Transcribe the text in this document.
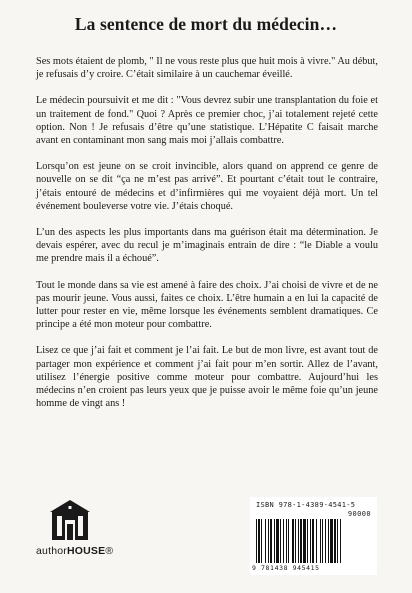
La sentence de mort du médecin…

Ses mots étaient de plomb, " Il ne vous reste plus que huit mois à vivre." Au début, je refusais d’y croire. C’était similaire à un cauchemar éveillé.

Le médecin poursuivit et me dit : "Vous devrez subir une transplantation du foie et un traitement de fond." Quoi ? Après ce premier choc, j’ai totalement rejeté cette option. Non ! Je refusais d’être qu’une statistique. L’Hépatite C faisait marche avant en contaminant mon sang mais moi j’allais combattre.

Lorsqu’on est jeune on se croit invincible, alors quand on apprend ce genre de nouvelle on se dit “ça ne m’est pas arrivé”. Et pourtant c’était tout le contraire, j’étais entouré de médecins et d’infirmières qui me voyaient déjà mort. Un tel événement bouleverse votre vie. J’étais choqué.

L’un des aspects les plus importants dans ma guérison était ma détermination. Je devais espérer, avec du recul je m’imaginais entrain de dire : “le Diable a voulu me prendre mais il a échoué”.

Tout le monde dans sa vie est amené à faire des choix. J’ai choisi de vivre et de ne pas mourir jeune. Vous aussi, faites ce choix. L’être humain a en lui la capacité de lutter pour rester en vie, même lorsque les événements semblent dramatiques. Ce principe a été mon moteur pour combattre.

Lisez ce que j’ai fait et comment je l’ai fait. Le but de mon livre, est avant tout de partager mon expérience et comment j’ai fait pour m’en sortir. Allez de l’avant, utilisez l’énergie positive comme moteur pour combattre. Aujourd’hui les médecins n’en croient pas leurs yeux que je puisse avoir le même foie qu’un jeune homme de vingt ans !

authorHOUSE®
ISBN 978-1-4389-4541-5
90000
9 781438 945415
